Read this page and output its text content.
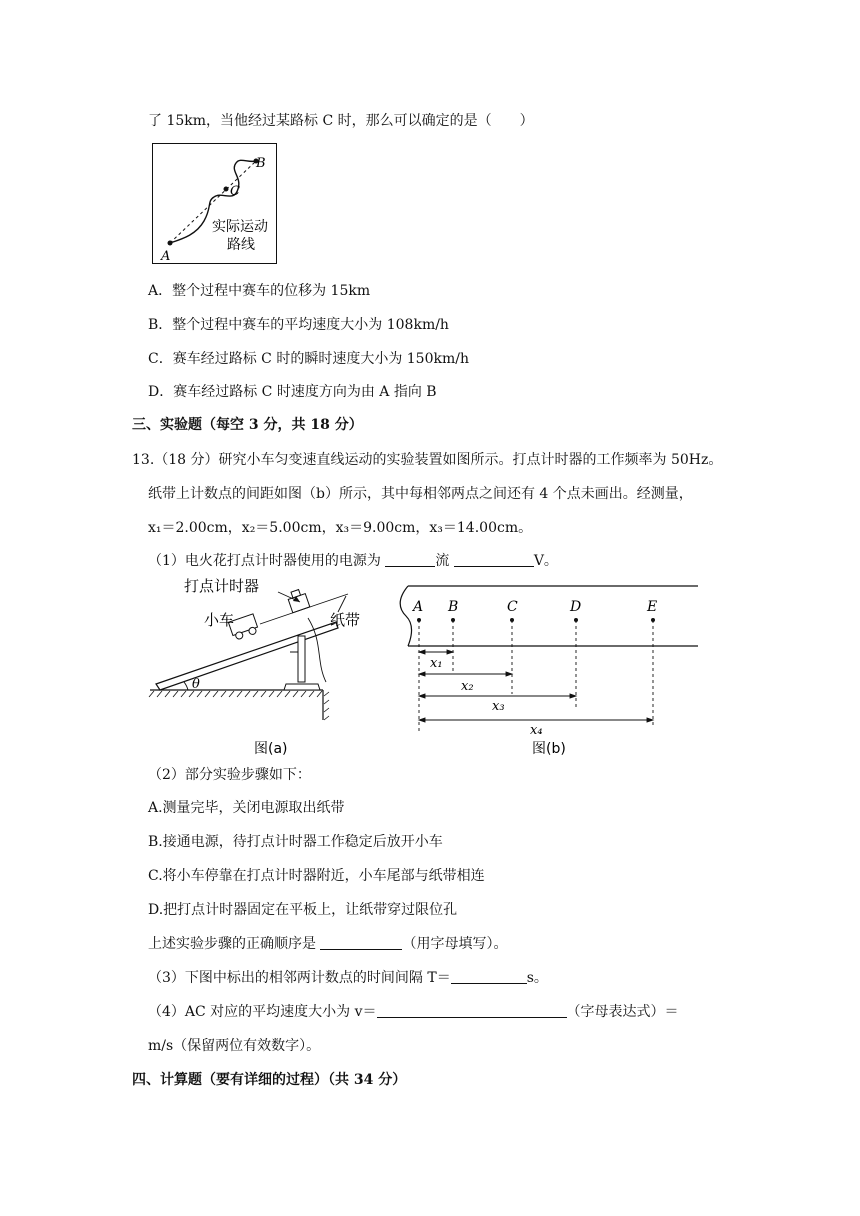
了 15km，当他经过某路标 C 时，那么可以确定的是（　　）
A
B
C
实际运动
路线
A．整个过程中赛车的位移为 15km
B．整个过程中赛车的平均速度大小为 108km/h
C．赛车经过路标 C 时的瞬时速度大小为 150km/h
D．赛车经过路标 C 时速度方向为由 A 指向 B
三、实验题（每空 3 分，共 18 分）
13.（18 分）研究小车匀变速直线运动的实验装置如图所示。打点计时器的工作频率为 50Hz。
纸带上计数点的间距如图（b）所示，其中每相邻两点之间还有 4 个点未画出。经测量，
x₁＝2.00cm，x₂＝5.00cm，x₃＝9.00cm，x₃＝14.00cm。
（1）电火花打点计时器使用的电源为	流	V。
θ
打点计时器
小车	纸带
图(a)
A B	C	D	E
x₁
x₂
x₃
x₄
图(b)
（2）部分实验步骤如下：
A.测量完毕，关闭电源取出纸带
B.接通电源，待打点计时器工作稳定后放开小车
C.将小车停靠在打点计时器附近，小车尾部与纸带相连
D.把打点计时器固定在平板上，让纸带穿过限位孔
上述实验步骤的正确顺序是	（用字母填写）。
（3）下图中标出的相邻两计数点的时间间隔 T＝	s。
（4）AC 对应的平均速度大小为 v＝	（字母表达式）＝
m/s（保留两位有效数字）。
四、计算题（要有详细的过程）（共 34 分）
